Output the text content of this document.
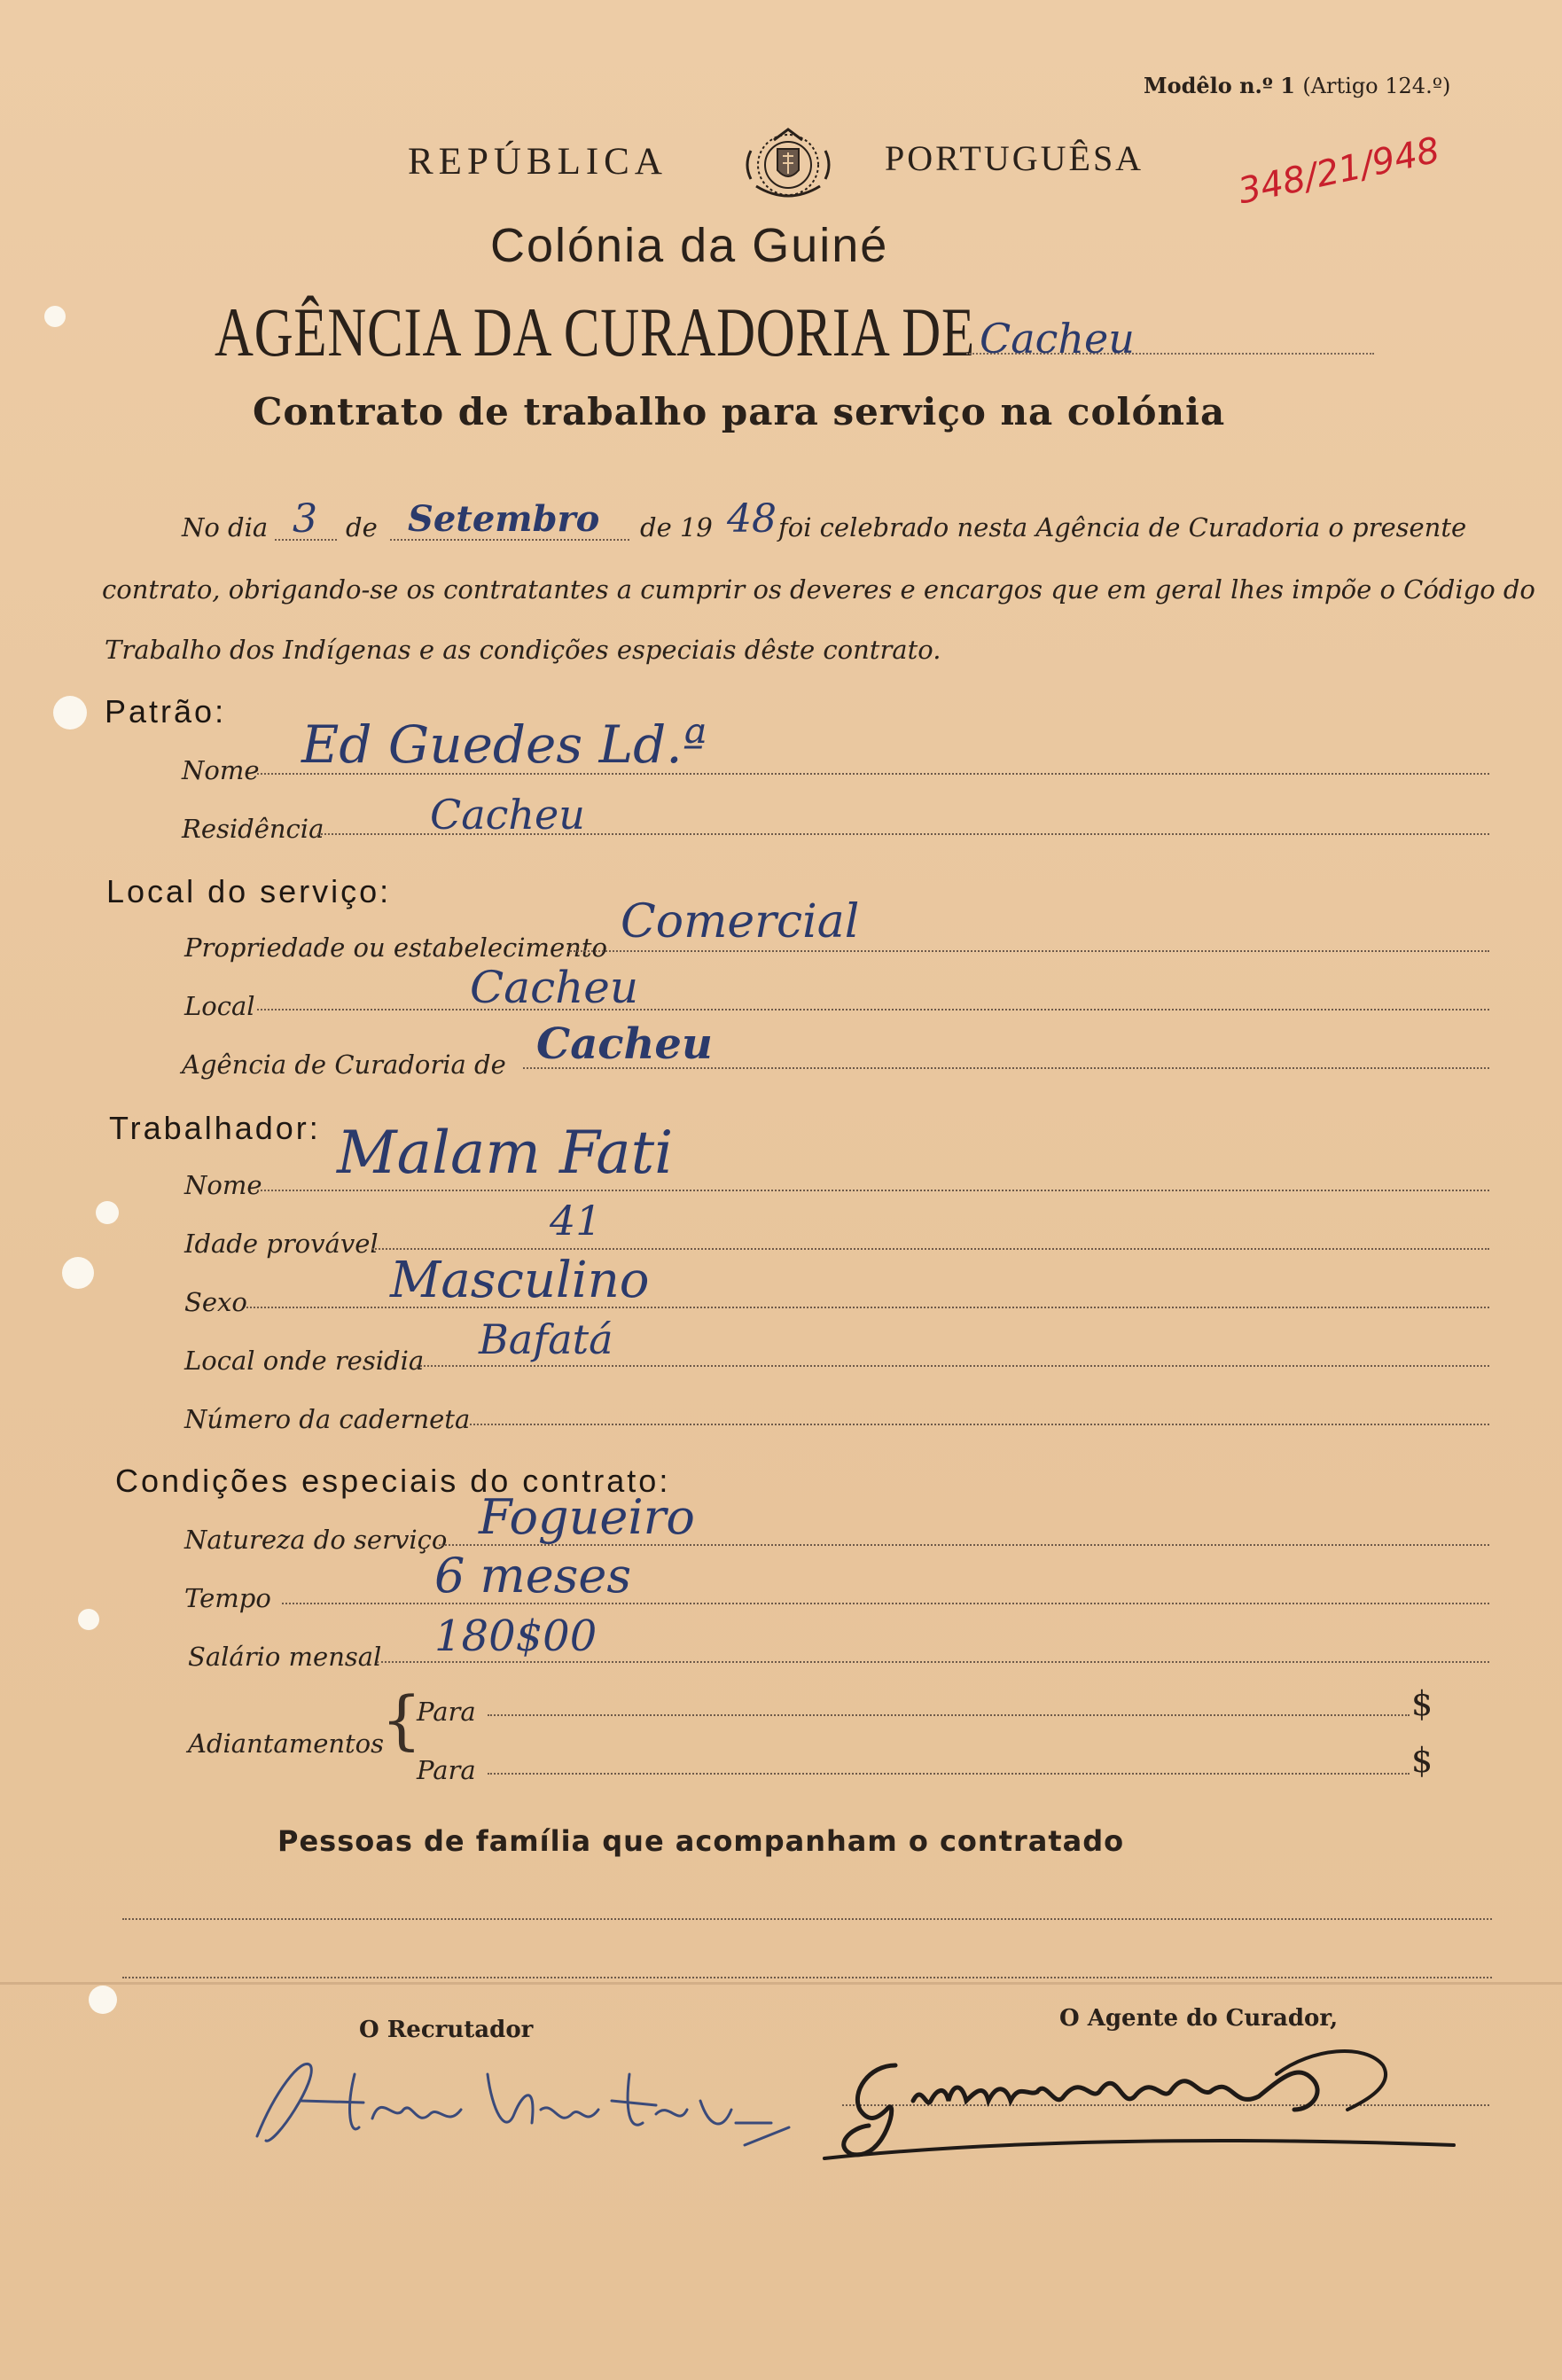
Modêlo n.º 1 (Artigo 124.º)
REPÚBLICA	PORTUGUÊSA	348/21/948
Colónia da Guiné
AGÊNCIA DA CURADORIA DE Cacheu
Contrato de trabalho para serviço na colónia
No dia 3 de Setembro de 19 48 foi celebrado nesta Agência de Curadoria o presente
contrato, obrigando-se os contratantes a cumprir os deveres e encargos que em geral lhes impõe o Código do
Trabalho dos Indígenas e as condições especiais dêste contrato.
Patrão:
Nome Ed Guedes Ld.ª
Residência	Cacheu
Local do serviço:
Propriedade ou estabelecimento Comercial
Local	Cacheu
Agência de Curadoria de Cacheu
Trabalhador:
Nome Malam Fati
Idade provável	41
Sexo	Masculino
Local onde residia Bafatá
Número da caderneta
Condições especiais do contrato:
Natureza do serviço Fogueiro
Tempo	6 meses
Salário mensal 180$00
Adiantamentos
{
Para	$
Para	$
Pessoas de família que acompanham o contratado
O Recrutador	O Agente do Curador,
